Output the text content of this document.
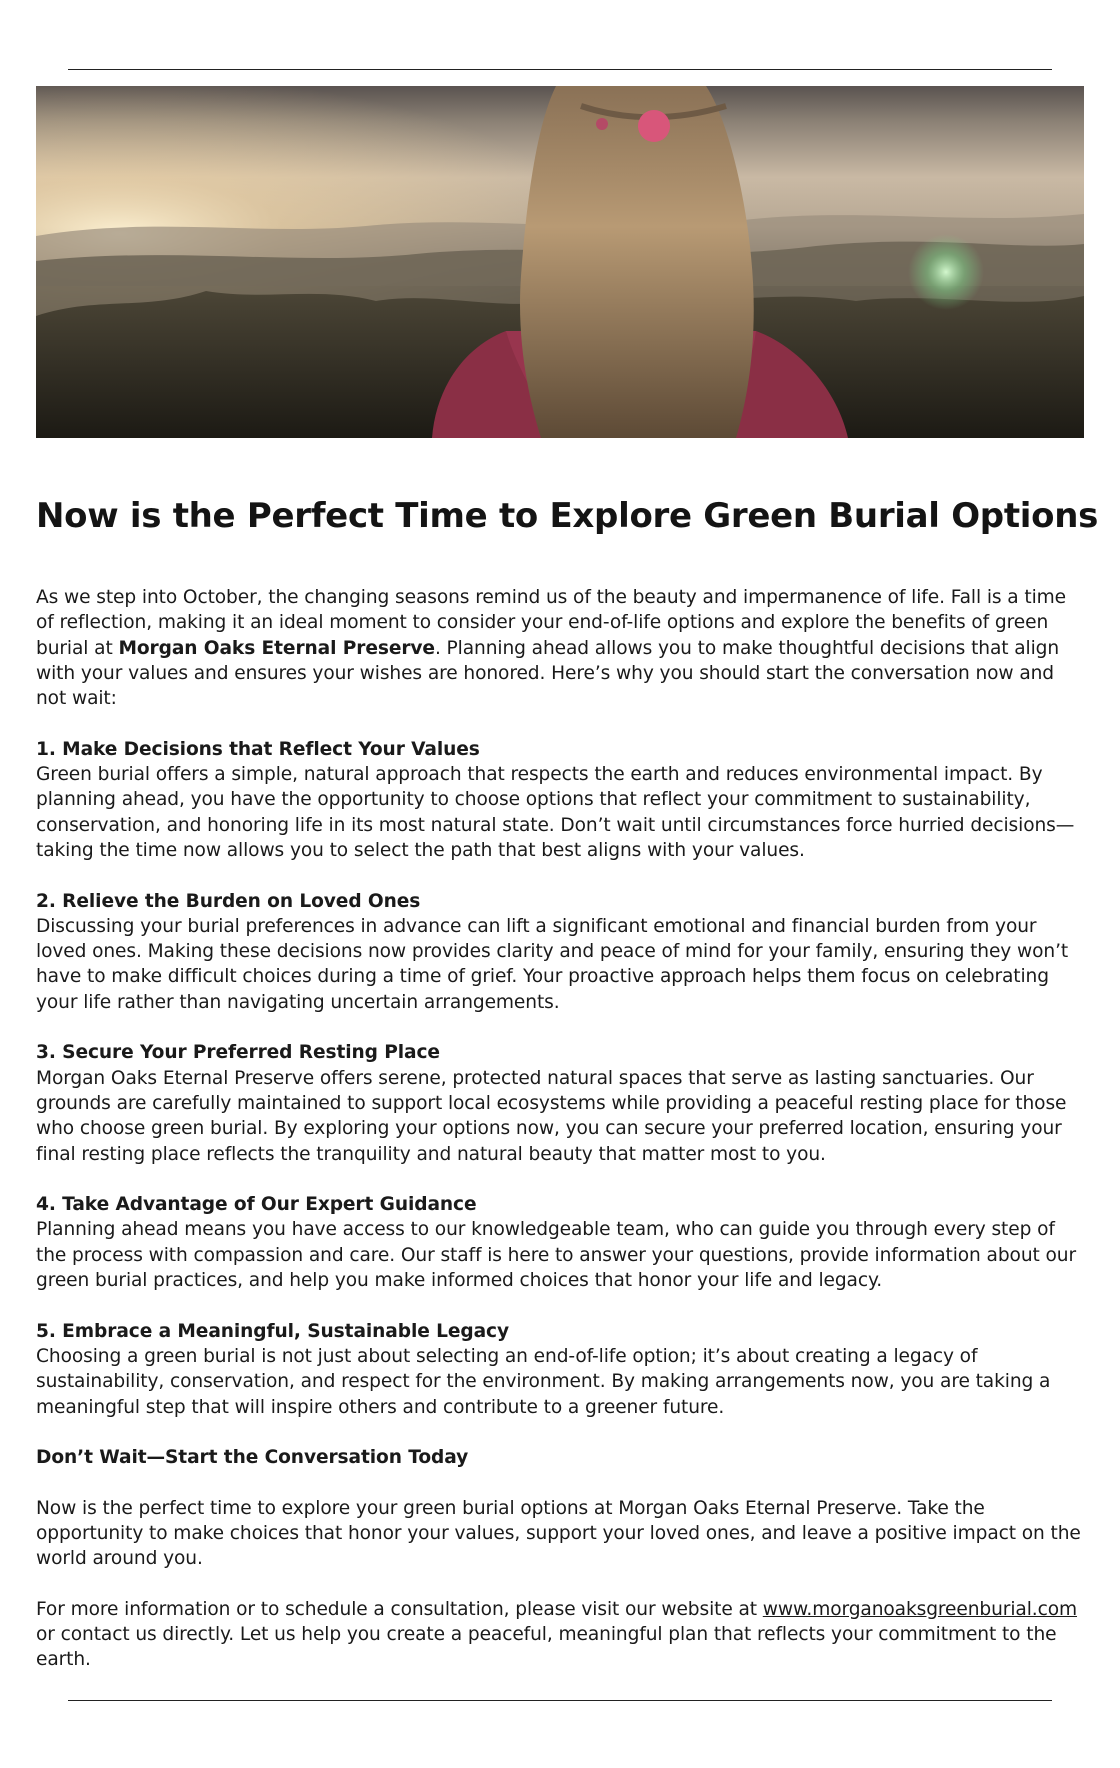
Now is the Perfect Time to Explore Green Burial Options

As we step into October, the changing seasons remind us of the beauty and impermanence of life. Fall is a time of reflection, making it an ideal moment to consider your end-of-life options and explore the benefits of green burial at Morgan Oaks Eternal Preserve. Planning ahead allows you to make thoughtful decisions that align with your values and ensures your wishes are honored. Here’s why you should start the conversation now and not wait:

1. Make Decisions that Reflect Your Values
Green burial offers a simple, natural approach that respects the earth and reduces environmental impact. By planning ahead, you have the opportunity to choose options that reflect your commitment to sustainability, conservation, and honoring life in its most natural state. Don’t wait until circumstances force hurried decisions—taking the time now allows you to select the path that best aligns with your values.

2. Relieve the Burden on Loved Ones
Discussing your burial preferences in advance can lift a significant emotional and financial burden from your loved ones. Making these decisions now provides clarity and peace of mind for your family, ensuring they won’t have to make difficult choices during a time of grief. Your proactive approach helps them focus on celebrating your life rather than navigating uncertain arrangements.

3. Secure Your Preferred Resting Place
Morgan Oaks Eternal Preserve offers serene, protected natural spaces that serve as lasting sanctuaries. Our grounds are carefully maintained to support local ecosystems while providing a peaceful resting place for those who choose green burial. By exploring your options now, you can secure your preferred location, ensuring your final resting place reflects the tranquility and natural beauty that matter most to you.

4. Take Advantage of Our Expert Guidance
Planning ahead means you have access to our knowledgeable team, who can guide you through every step of the process with compassion and care. Our staff is here to answer your questions, provide information about our green burial practices, and help you make informed choices that honor your life and legacy.

5. Embrace a Meaningful, Sustainable Legacy
Choosing a green burial is not just about selecting an end-of-life option; it’s about creating a legacy of sustainability, conservation, and respect for the environment. By making arrangements now, you are taking a meaningful step that will inspire others and contribute to a greener future.

Don’t Wait—Start the Conversation Today

Now is the perfect time to explore your green burial options at Morgan Oaks Eternal Preserve. Take the opportunity to make choices that honor your values, support your loved ones, and leave a positive impact on the world around you.

For more information or to schedule a consultation, please visit our website at www.morganoaksgreenburial.com or contact us directly. Let us help you create a peaceful, meaningful plan that reflects your commitment to the earth.
